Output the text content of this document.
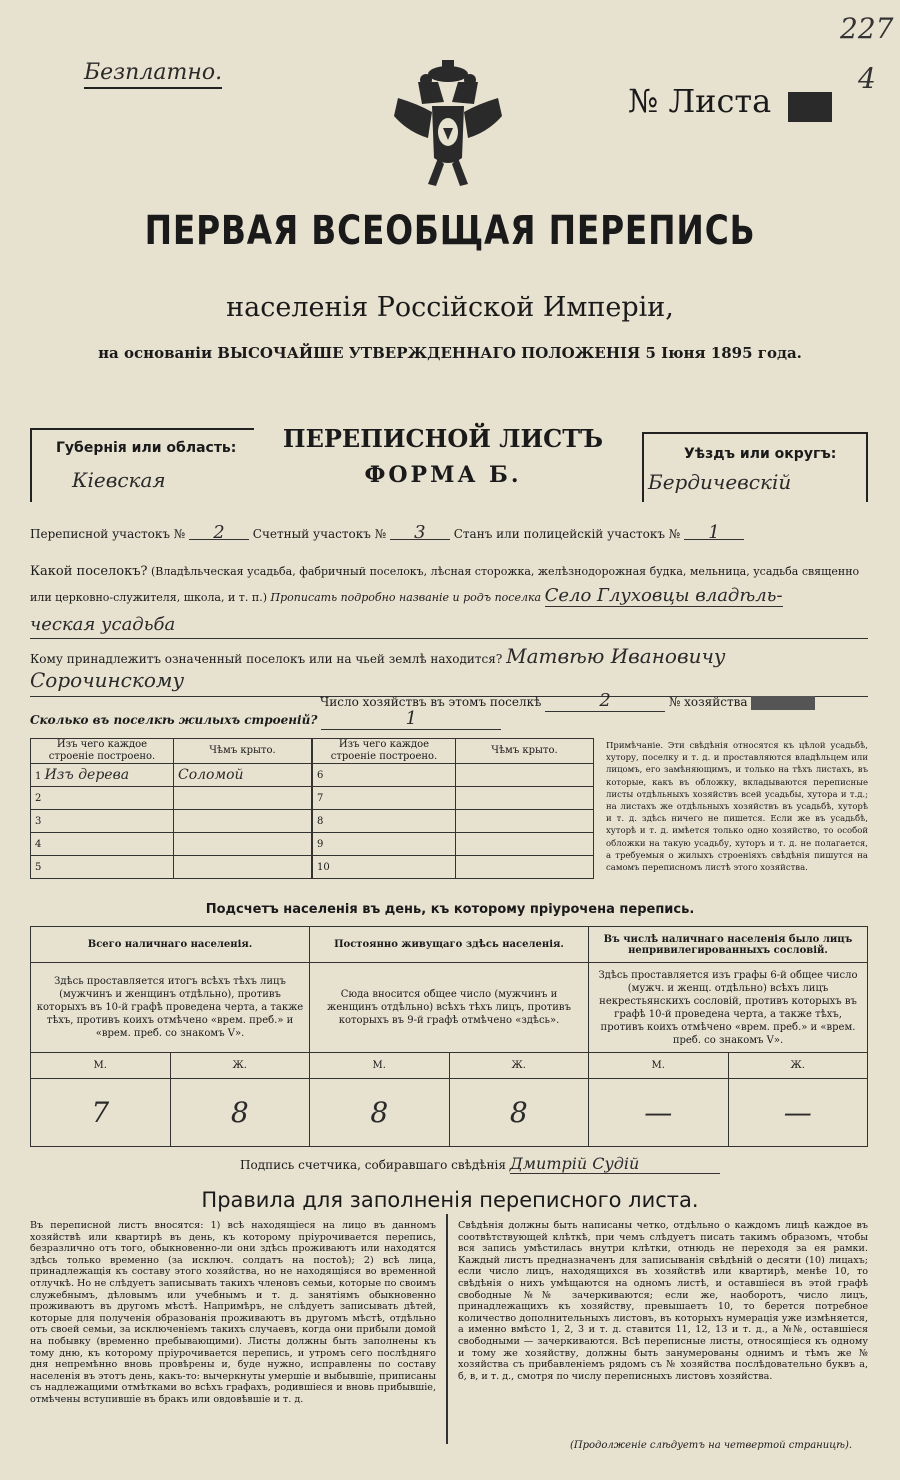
Безплатно.
227
4
№ Листа
ПЕРВАЯ ВСЕОБЩАЯ ПЕРЕПИСЬ
населенія Россійской Имперіи,
на основаніи ВЫСОЧАЙШЕ УТВЕРЖДЕННАГО ПОЛОЖЕНІЯ 5 Іюня 1895 года.
Губернія или область:
Кіевская
ПЕРЕПИСНОЙ ЛИСТЪ
ФОРМА Б.
Уѣздъ или округъ:
Бердичевскій
Переписной участокъ № 2 Счетный участокъ № 3 Станъ или полицейскій участокъ № 1
Какой поселокъ? (Владѣльческая усадьба, фабричный поселокъ, лѣсная сторожка, желѣзнодорожная будка, мельница, усадьба священно или церковно-служителя, школа, и т. п.) Прописать подробно названіе и родъ поселка Село Глуховцы владѣль-
ческая усадьба
Кому принадлежитъ означенный поселокъ или на чьей землѣ находится? Матвѣю Ивановичу
Сорочинскому
Число хозяйствъ въ этомъ поселкѣ	2	№ хозяйства
Сколько въ поселкѣ жилыхъ строеній?	1
Изъ чего каждое строеніе построено.	Чѣмъ крыто.
1 Изъ дерева	Соломой
2	
3	
4	
5	
Изъ чего каждое строеніе построено.	Чѣмъ крыто.
6	
7	
8	
9	
10	
Примѣчаніе. Эти свѣдѣнія относятся къ цѣлой усадьбѣ, хутору, поселку и т. д. и проставляются владѣльцем или лицомъ, его замѣняющимъ, и только на тѣхъ листахъ, въ которые, какъ въ обложку, вкладываются переписные листы отдѣльныхъ хозяйствъ всей усадьбы, хутора и т.д.; на листахъ же отдѣльныхъ хозяйствъ въ усадьбѣ, хуторѣ и т. д. здѣсь ничего не пишется. Если же въ усадьбѣ, хуторѣ и т. д. имѣется только одно хозяйство, то особой обложки на такую усадьбу, хуторъ и т. д. не полагается, а требуемыя о жилыхъ строеніяхъ свѣдѣнія пишутся на самомъ переписномъ листѣ этого хозяйства.
Подсчетъ населенія въ день, къ которому пріурочена перепись.
Всего наличнаго населенія.		Постоянно живущаго здѣсь населенія.		Въ числѣ наличнаго населенія было лицъ непривилегированныхъ сословій.	
Здѣсь проставляется итогъ всѣхъ тѣхъ лицъ (мужчинъ и женщинъ отдѣльно), противъ которыхъ въ 10-й графѣ проведена черта, а также тѣхъ, противъ коихъ отмѣчено «врем. преб.» и «врем. преб. со знакомъ V».		Сюда вносится общее число (мужчинъ и женщинъ отдѣльно) всѣхъ тѣхъ лицъ, противъ которыхъ въ 9-й графѣ отмѣчено «здѣсь».		Здѣсь проставляется изъ графы 6-й общее число (мужч. и женщ. отдѣльно) всѣхъ лицъ некрестьянскихъ сословій, противъ которыхъ въ графѣ 10-й проведена черта, а также тѣхъ, противъ коихъ отмѣчено «врем. преб.» и «врем. преб. со знакомъ V».	
М.	Ж.	М.	Ж.	М.	Ж.
7	8	8	8	—	—
Подпись счетчика, собиравшаго свѣдѣнія Дмитрій Судій
Правила для заполненія переписного листа.
Въ переписной листъ вносятся: 1) всѣ находящіеся на лицо въ данномъ хозяйствѣ или квартирѣ въ день, къ которому пріурочивается перепись, безразлично отъ того, обыкновенно-ли они здѣсь проживаютъ или находятся здѣсь только временно (за исключ. солдатъ на постоѣ); 2) всѣ лица, принадлежащія къ составу этого хозяйства, но не находящіяся во временной отлучкѣ. Но не слѣдуетъ записывать такихъ членовъ семьи, которые по своимъ служебнымъ, дѣловымъ или учебнымъ и т. д. занятіямъ обыкновенно проживаютъ въ другомъ мѣстѣ. Напримѣръ, не слѣдуетъ записывать дѣтей, которые для полученія образованія проживаютъ въ другомъ мѣстѣ, отдѣльно отъ своей семьи, за исключеніемъ такихъ случаевъ, когда они прибыли домой на побывку (временно пребывающими). Листы должны быть заполнены къ тому дню, къ которому пріурочивается перепись, и утромъ сего послѣдняго дня непремѣнно вновь провѣрены и, буде нужно, исправлены по составу населенія въ этотъ день, какъ-то: вычеркнуты умершіе и выбывшіе, приписаны съ надлежащими отмѣтками во всѣхъ графахъ, родившіеся и вновь прибывшіе, отмѣчены вступившіе въ бракъ или овдовѣвшіе и т. д.
Свѣдѣнія должны быть написаны четко, отдѣльно о каждомъ лицѣ каждое въ соотвѣтствующей клѣткѣ, при чемъ слѣдуетъ писать такимъ образомъ, чтобы вся запись умѣстилась внутри клѣтки, отнюдь не переходя за ея рамки. Каждый листъ предназначенъ для записыванія свѣдѣній о десяти (10) лицахъ; если число лицъ, находящихся въ хозяйствѣ или квартирѣ, менѣе 10, то свѣдѣнія о нихъ умѣщаются на одномъ листѣ, и оставшіеся въ этой графѣ свободные №№ зачеркиваются; если же, наоборотъ, число лицъ, принадлежащихъ къ хозяйству, превышаетъ 10, то берется потребное количество дополнительныхъ листовъ, въ которыхъ нумерація уже измѣняется, а именно вмѣсто 1, 2, 3 и т. д. ставится 11, 12, 13 и т. д., а №№, оставшіеся свободными — зачеркиваются. Всѣ переписные листы, относящіеся къ одному и тому же хозяйству, должны быть занумерованы однимъ и тѣмъ же № хозяйства съ прибавленіемъ рядомъ съ № хозяйства послѣдовательно буквъ а, б, в, и т. д., смотря по числу переписныхъ листовъ хозяйства.
(Продолженіе слѣдуетъ на четвертой страницѣ).
